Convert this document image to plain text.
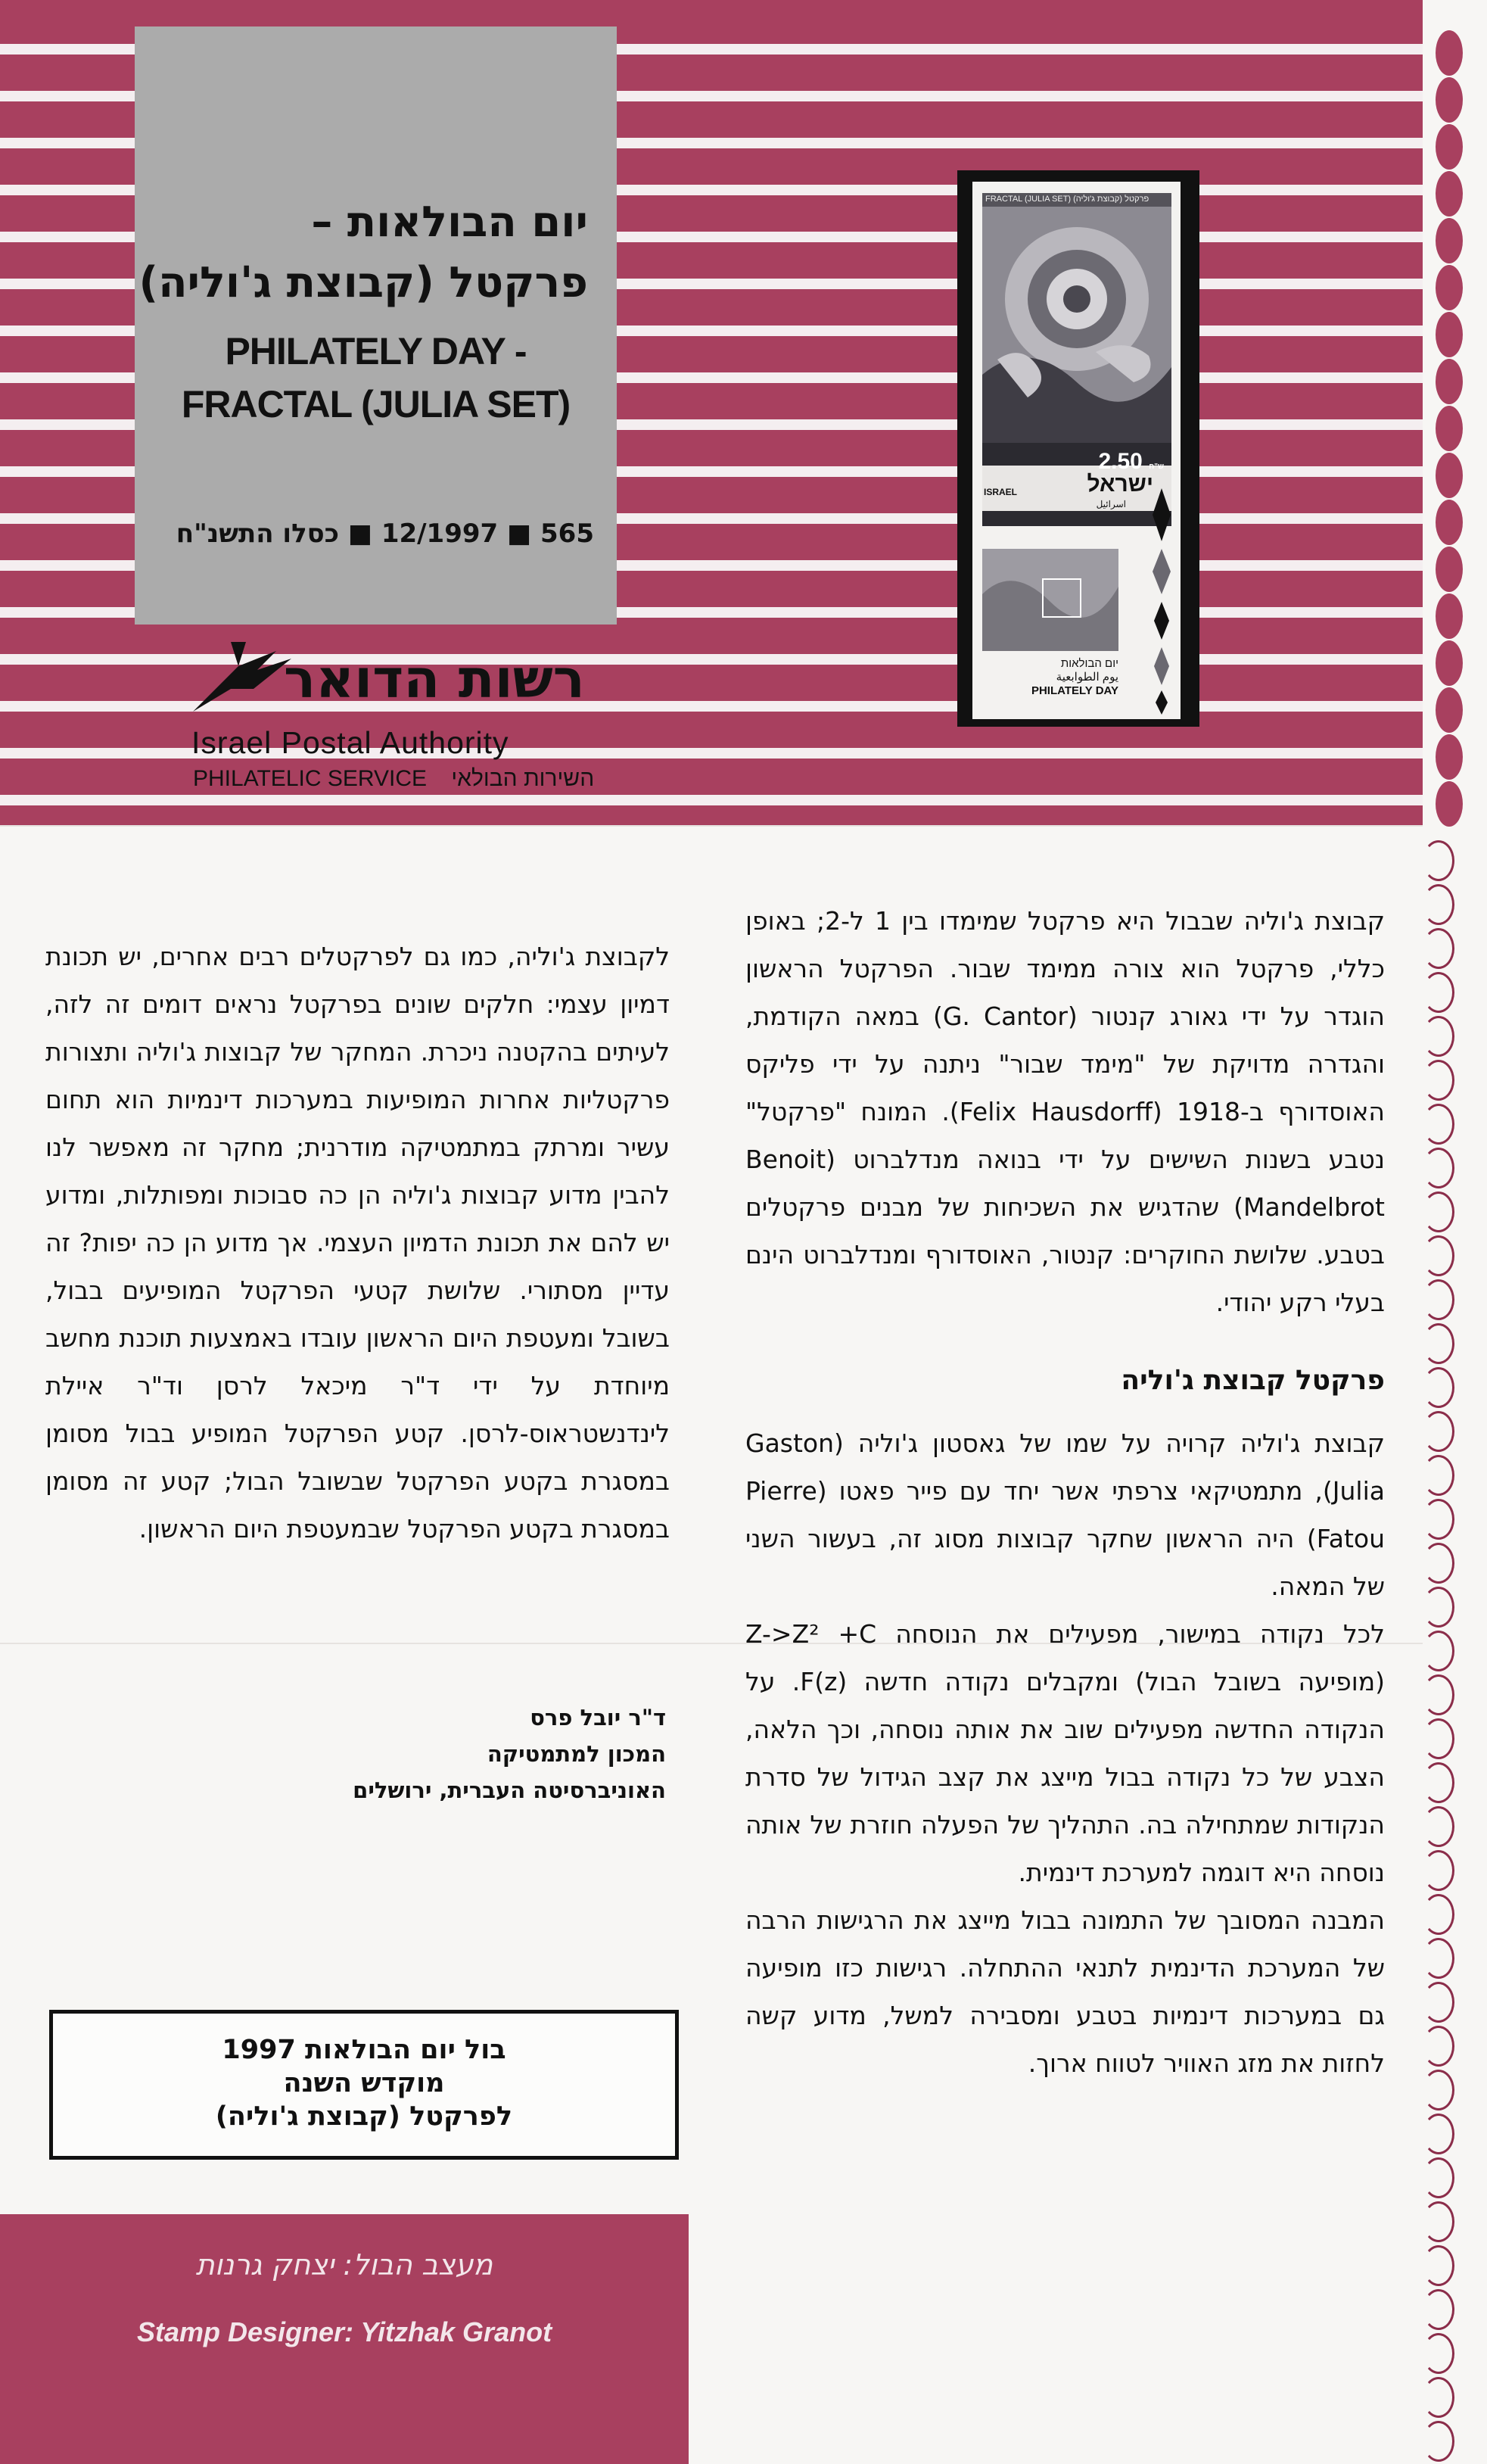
יום הבולאות –
פרקטל (קבוצת ג'וליה)
PHILATELY DAY -
FRACTAL (JULIA SET)
כסלו התשנ"ח ■ 12/1997 ■ 565
רשות הדואר
Israel Postal Authority
PHILATELIC SERVICE השירות הבולאי
FRACTAL (JULIA SET) (פרקטל (קבוצת ג'וליה
ש"ח 2.50
ISRAEL	ישראל
اسرائيل
יום הבולאות
يوم الطوابعية
PHILATELY DAY

קבוצת ג'וליה שבבול היא פרקטל שמימדו בין 1 ל-2; באופן כללי, פרקטל הוא צורה ממימד שבור. הפרקטל הראשון הוגדר על ידי גאורג קנטור (G. Cantor) במאה הקודמת, והגדרה מדויקת של "מימד שבור" ניתנה על ידי פליקס האוסדורף ב-1918 (Felix Hausdorff). המונח "פרקטל" נטבע בשנות השישים על ידי בנואה מנדלברוט (Benoit Mandelbrot) שהדגיש את השכיחות של מבנים פרקטלים בטבע. שלושת החוקרים: קנטור, האוסדורף ומנדלברוט הינם בעלי רקע יהודי.

פרקטל קבוצת ג'וליה

קבוצת ג'וליה קרויה על שמו של גאסטון ג'וליה (Gaston Julia), מתמטיקאי צרפתי אשר יחד עם פייר פאטו (Pierre Fatou) היה הראשון שחקר קבוצות מסוג זה, בעשור השני של המאה.

לכל נקודה במישור, מפעילים את הנוסחה Z->Z² +C (מופיעה בשובל הבול) ומקבלים נקודה חדשה F(z). על הנקודה החדשה מפעילים שוב את אותה נוסחה, וכך הלאה, הצבע של כל נקודה בבול מייצג את קצב הגידול של סדרת הנקודות שמתחילה בה. התהליך של הפעלה חוזרת של אותה נוסחה היא דוגמה למערכת דינמית.

המבנה המסובך של התמונה בבול מייצג את הרגישות הרבה של המערכת הדינמית לתנאי ההתחלה. רגישות כזו מופיעה גם במערכות דינמיות בטבע ומסבירה למשל, מדוע קשה לחזות את מזג האוויר לטווח ארוך.

לקבוצת ג'וליה, כמו גם לפרקטלים רבים אחרים, יש תכונת דמיון עצמי: חלקים שונים בפרקטל נראים דומים זה לזה, לעיתים בהקטנה ניכרת. המחקר של קבוצות ג'וליה ותצורות פרקטליות אחרות המופיעות במערכות דינמיות הוא תחום עשיר ומרתק במתמטיקה מודרנית; מחקר זה מאפשר לנו להבין מדוע קבוצות ג'וליה הן כה סבוכות ומפותלות, ומדוע יש להם את תכונת הדמיון העצמי. אך מדוע הן כה יפות? זה עדיין מסתורי. שלושת קטעי הפרקטל המופיעים בבול, בשובל ומעטפת היום הראשון עובדו באמצעות תוכנת מחשב מיוחדת על ידי ד"ר מיכאל לרסן וד"ר איילת לינדנשטראוס-לרסן. קטע הפרקטל המופיע בבול מסומן במסגרת בקטע הפרקטל שבשובל הבול; קטע זה מסומן במסגרת בקטע הפרקטל שבמעטפת היום הראשון.

ד"ר יובל פרס
המכון למתמטיקה
האוניברסיטה העברית, ירושלים
בול יום הבולאות 1997
מוקדש השנה
לפרקטל (קבוצת ג'וליה)
מעצב הבול: יצחק גרנות
Stamp Designer: Yitzhak Granot
